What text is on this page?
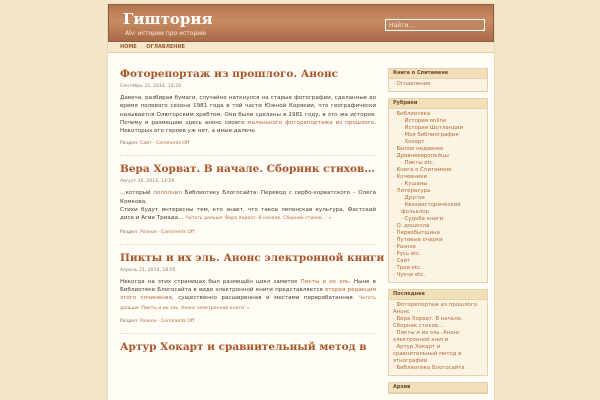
Гиштория
Alv: истории про историю
Найти...
HOME · ОГЛАВЛЕНИЕ
Фоторепортаж из прошлого. Анонс
Сентябрь 21, 2014, 14:20
Давеча, разбирая бумаги, случайно наткнулся на старые фотографии, сделанные во время полевого сезона 1981 года в той части Южной Корякии, что географически называется Олюторским хребтом. Они были сделаны в 1981 году, в это же история. Почему и размещаю здесь анонс своего маленького фоторепортажа из прошлого. Некоторых его героев уж нет, а иные далече.
Раздел: Сайт · Comments Off
Вера Хорват. В начале. Сборник стихов…
Август 26, 2014, 14:29
…который пополнил Библиотеку Блогосайта: Перевод с сербо-хорватского – Олега Комкова.
Стихи будут интересны тем, кто знает, что такое лепенская культура, Фестский диск и Агиа Триада… Читать дальше 'Вера Хорват. В начале. Сборник стихов…' »
Раздел: Разное · Comments Off
Пикты и их эль. Анонс электронной книги
Апрель 21, 2014, 18:05
Некогда на этих страницах был размещён цикл заметок Пикты и их эль. Ныне в Библиотеке Блогосайта в виде электронной книги представляется вторая редакция этого сочинения, существенно расширенная и местами перерабатанная. Читать дальше 'Пикты и их эль. Анонс электронной книги' »
Раздел: Разное · Comments Off
Артур Хокарт и сравнительный метод в
Книга о Спитамене
· Оглавление
Рубрики
· Библиотека
· История online
· История Шотландии
· Моя библиография
· Хокарт
· Былое недавнее
· Древнеевропейцы
· Пикты etc.
· Книга о Спитамене
· Кочевники
· Кушаны
· Литература
· Другое
· Квазиисторический фольклор
· Судьба книги
· О, дошкола
· Первобытщина
· Путевые очерки
· Разное
· Русь etc.
· Сайт
· Троя etc.
· Чукчи etc.
Последнее
· Фоторепортаж из прошлого. Анонс
· Вера Хорват. В начале. Сборник стихов…
· Пикты и их эль. Анонс электронной книги
· Артур Хокарт и сравнительный метод в этнографии
· Библиотека Блогосайта
Архив
